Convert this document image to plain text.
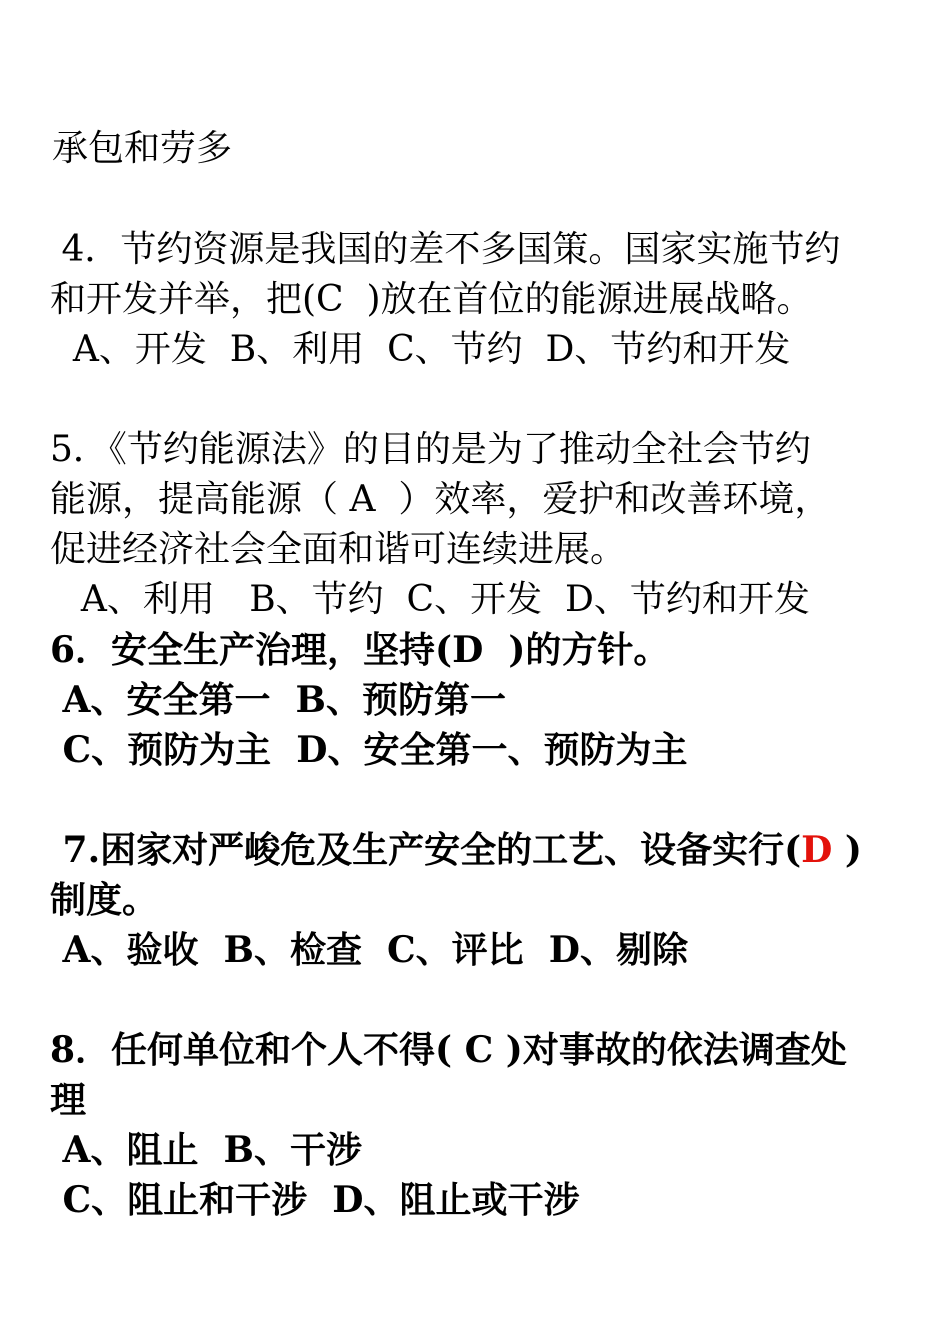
承包和劳多
4．节约资源是我国的差不多国策。国家实施节约
和开发并举，把(C  )放在首位的能源进展战略。
A、开发  B、利用  C、节约  D、节约和开发
5．《节约能源法》的目的是为了推动全社会节约
能源，提高能源（ A  ）效率，爱护和改善环境，
促进经济社会全面和谐可连续进展。
A、利用   B、节约  C、开发  D、节约和开发
6．安全生产治理，坚持(D  )的方针。
A、安全第一  B、预防第一
C、预防为主  D、安全第一、预防为主
7.困家对严峻危及生产安全的工艺、设备实行(D )
制度。
A、验收  B、检查  C、评比  D、剔除
8．任何单位和个人不得( C )对事故的依法调查处
理
A、阻止  B、干涉
C、阻止和干涉  D、阻止或干涉
